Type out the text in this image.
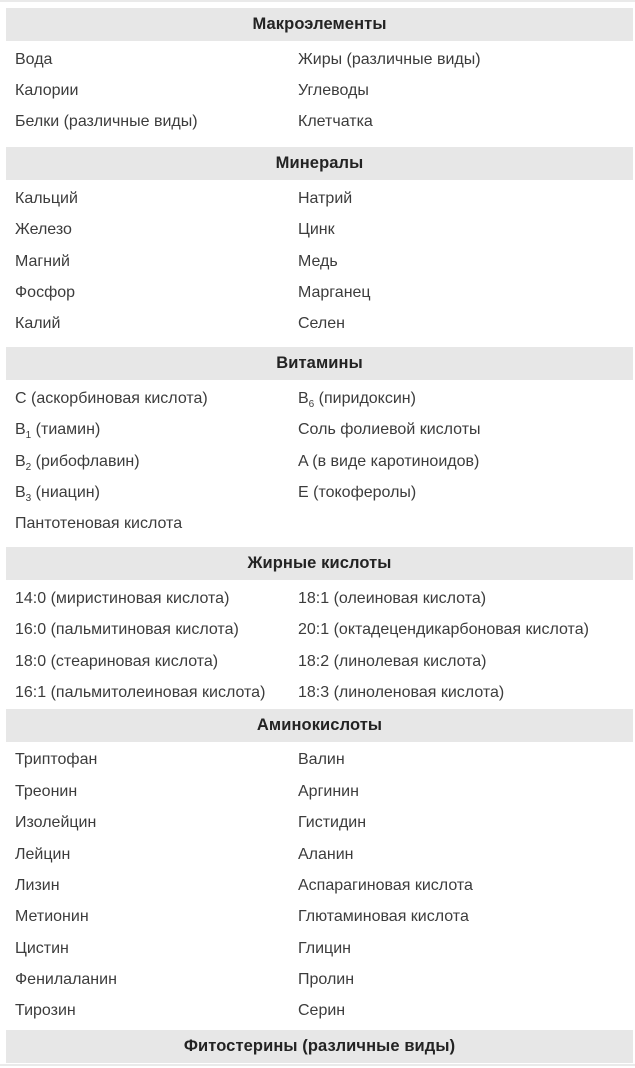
Макроэлементы
Вода	Жиры (различные виды)
Калории	Углеводы
Белки (различные виды)	Клетчатка
Минералы
Кальций	Натрий
Железо	Цинк
Магний	Медь
Фосфор	Марганец
Калий	Селен
Витамины
C (аскорбиновая кислота)	$B_6$ (пиридоксин)
$B_1$ (тиамин)	Соль фолиевой кислоты
$B_2$ (рибофлавин)	A (в виде каротиноидов)
$B_3$ (ниацин)	E (токоферолы)
Пантотеновая кислота
Жирные кислоты
14:0 (миристиновая кислота)	18:1 (олеиновая кислота)
16:0 (пальмитиновая кислота)	20:1 (октадецендикарбоновая кислота)
18:0 (стеариновая кислота)	18:2 (линолевая кислота)
16:1 (пальмитолеиновая кислота)	18:3 (линоленовая кислота)
Аминокислоты
Триптофан	Валин
Треонин	Аргинин
Изолейцин	Гистидин
Лейцин	Аланин
Лизин	Аспарагиновая кислота
Метионин	Глютаминовая кислота
Цистин	Глицин
Фенилаланин	Пролин
Тирозин	Серин
Фитостерины (различные виды)
